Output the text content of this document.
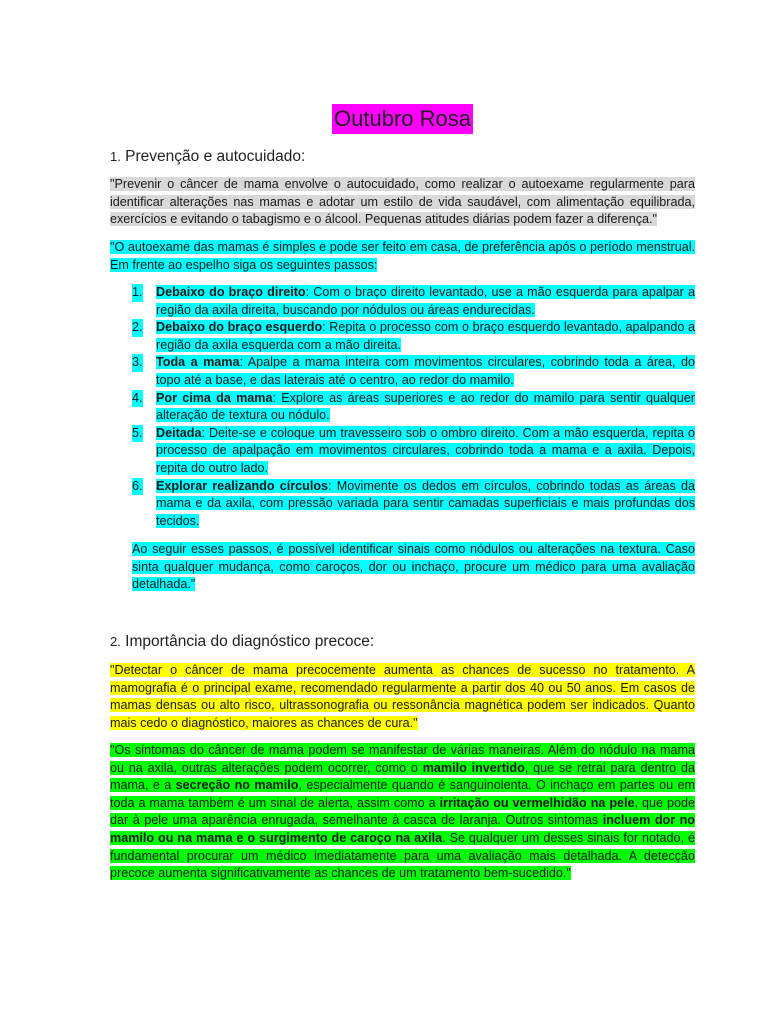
Outubro Rosa
1. Prevenção e autocuidado:

"Prevenir o câncer de mama envolve o autocuidado, como realizar o autoexame regularmente para identificar alterações nas mamas e adotar um estilo de vida saudável, com alimentação equilibrada, exercícios e evitando o tabagismo e o álcool. Pequenas atitudes diárias podem fazer a diferença."

"O autoexame das mamas é simples e pode ser feito em casa, de preferência após o período menstrual. Em frente ao espelho siga os seguintes passos:

1. Debaixo do braço direito: Com o braço direito levantado, use a mão esquerda para apalpar a região da axila direita, buscando por nódulos ou áreas endurecidas.
2. Debaixo do braço esquerdo: Repita o processo com o braço esquerdo levantado, apalpando a região da axila esquerda com a mão direita.
3. Toda a mama: Apalpe a mama inteira com movimentos circulares, cobrindo toda a área, do topo até a base, e das laterais até o centro, ao redor do mamilo.
4. Por cima da mama: Explore as áreas superiores e ao redor do mamilo para sentir qualquer alteração de textura ou nódulo.
5. Deitada: Deite-se e coloque um travesseiro sob o ombro direito. Com a mão esquerda, repita o processo de apalpação em movimentos circulares, cobrindo toda a mama e a axila. Depois, repita do outro lado.
6. Explorar realizando círculos: Movimente os dedos em círculos, cobrindo todas as áreas da mama e da axila, com pressão variada para sentir camadas superficiais e mais profundas dos tecidos.

Ao seguir esses passos, é possível identificar sinais como nódulos ou alterações na textura. Caso sinta qualquer mudança, como caroços, dor ou inchaço, procure um médico para uma avaliação detalhada."

2. Importância do diagnóstico precoce:

"Detectar o câncer de mama precocemente aumenta as chances de sucesso no tratamento. A mamografia é o principal exame, recomendado regularmente a partir dos 40 ou 50 anos. Em casos de mamas densas ou alto risco, ultrassonografia ou ressonância magnética podem ser indicados. Quanto mais cedo o diagnóstico, maiores as chances de cura."

"Os sintomas do câncer de mama podem se manifestar de várias maneiras. Além do nódulo na mama ou na axila, outras alterações podem ocorrer, como o mamilo invertido, que se retrai para dentro da mama, e a secreção no mamilo, especialmente quando é sanguinolenta. O inchaço em partes ou em toda a mama também é um sinal de alerta, assim como a irritação ou vermelhidão na pele, que pode dar à pele uma aparência enrugada, semelhante à casca de laranja. Outros sintomas incluem dor no mamilo ou na mama e o surgimento de caroço na axila. Se qualquer um desses sinais for notado, é fundamental procurar um médico imediatamente para uma avaliação mais detalhada. A detecção precoce aumenta significativamente as chances de um tratamento bem-sucedido."
